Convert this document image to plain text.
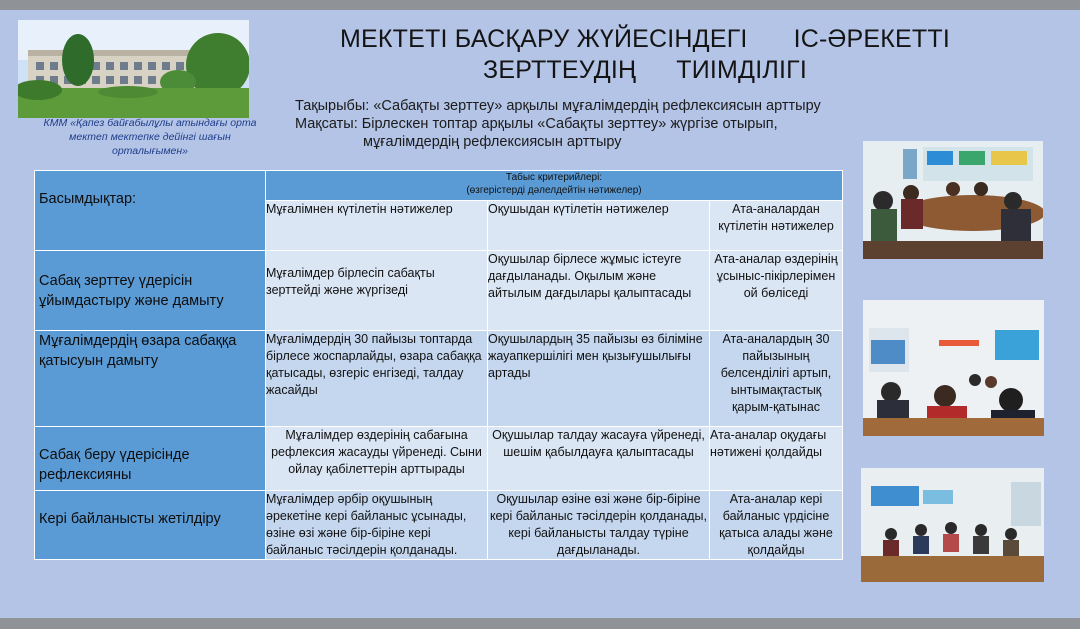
КММ «Қапез байғабылұлы атындағы орта мектеп мектепке дейінгі шағын орталығымен»
МЕКТЕТІ БАСҚАРУ ЖҮЙЕСІНДЕГІ ІС-ӘРЕКЕТТІ
ЗЕРТТЕУДІҢ ТИІМДІЛІГІ
Тақырыбы: «Сабақты зерттеу» арқылы мұғалімдердің рефлексиясын арттыру
Мақсаты: Бірлескен топтар арқылы «Сабақты зерттеу» жүргізе отырып,
мұғалімдердің рефлексиясын арттыру
Басымдықтар:	Табыс критерийлері:
(өзгерістерді дәлелдейтін нәтижелер)		

	Мұғалімнен күтілетін нәтижелер	Оқушыдан күтілетін нәтижелер	Ата-аналардан күтілетін нәтижелер

Сабақ зерттеу үдерісін ұйымдастыру және дамыту	Мұғалімдер бірлесіп сабақты зерттейді және жүргізеді	Оқушылар бірлесе жұмыс істеуге дағдыланады. Оқылым және айтылым дағдылары қалыптасады	Ата-аналар өздерінің ұсыныс-пікірлерімен ой бөліседі

Мұғалімдердің өзара сабаққа қатысуын дамыту	Мұғалімдердің 30 пайызы топтарда бірлесе жоспарлайды, өзара сабаққа қатысады, өзгеріс енгізеді, талдау жасайды	Оқушылардың 35 пайызы өз біліміне жауапкершілігі мен қызығушылығы артады	Ата-аналардың 30 пайызының белсенділігі артып, ынтымақтастық қарым-қатынас

Сабақ беру үдерісінде рефлексияны	Мұғалімдер өздерінің сабағына рефлексия жасауды үйренеді. Сыни ойлау қабілеттерін арттырады	Оқушылар талдау жасауға үйренеді, шешім қабылдауға қалыптасады	Ата-аналар оқудағы нәтижені қолдайды

Кері байланысты жетілдіру	Мұғалімдер әрбір оқушының әрекетіне кері байланыс ұсынады, өзіне өзі және бір-біріне кері байланыс тәсілдерін қолданады.	Оқушылар өзіне өзі және бір-біріне кері байланыс тәсілдерін қолданады, кері байланысты талдау түріне дағдыланады.	Ата-аналар кері байланыс үрдісіне қатыса алады және қолдайды
